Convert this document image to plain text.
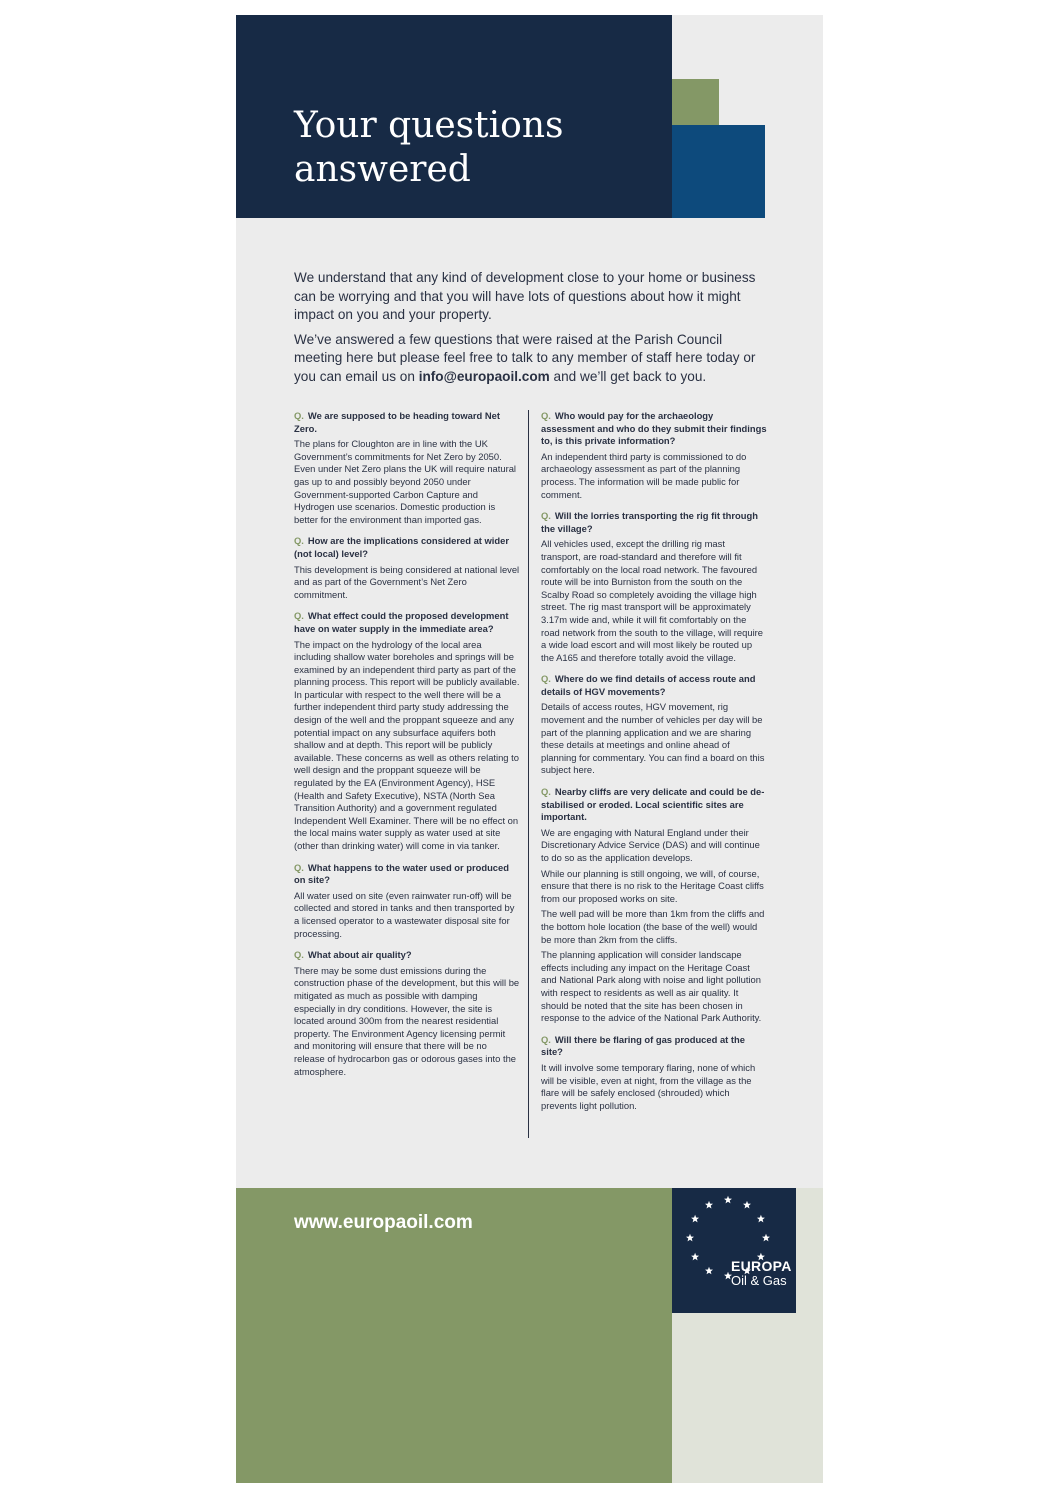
Your questions
answered

We understand that any kind of development close to your home or business can be worrying and that you will have lots of questions about how it might impact on you and your property.

We’ve answered a few questions that were raised at the Parish Council meeting here but please feel free to talk to any member of staff here today or you can email us on info@europaoil.com and we’ll get back to you.

Q. We are supposed to be heading toward Net Zero.

The plans for Cloughton are in line with the UK Government’s commitments for Net Zero by 2050. Even under Net Zero plans the UK will require natural gas up to and possibly beyond 2050 under Government-supported Carbon Capture and Hydrogen use scenarios. Domestic production is better for the environment than imported gas.

Q. How are the implications considered at wider (not local) level?

This development is being considered at national level and as part of the Government’s Net Zero commitment.

Q. What effect could the proposed development have on water supply in the immediate area?

The impact on the hydrology of the local area including shallow water boreholes and springs will be examined by an independent third party as part of the planning process. This report will be publicly available. In particular with respect to the well there will be a further independent third party study addressing the design of the well and the proppant squeeze and any potential impact on any subsurface aquifers both shallow and at depth. This report will be publicly available. These concerns as well as others relating to well design and the proppant squeeze will be regulated by the EA (Environment Agency), HSE (Health and Safety Executive), NSTA (North Sea Transition Authority) and a government regulated Independent Well Examiner. There will be no effect on the local mains water supply as water used at site (other than drinking water) will come in via tanker.

Q. What happens to the water used or produced on site?

All water used on site (even rainwater run-off) will be collected and stored in tanks and then transported by a licensed operator to a wastewater disposal site for processing.

Q. What about air quality?

There may be some dust emissions during the construction phase of the development, but this will be mitigated as much as possible with damping especially in dry conditions. However, the site is located around 300m from the nearest residential property. The Environment Agency licensing permit and monitoring will ensure that there will be no release of hydrocarbon gas or odorous gases into the atmosphere.

Q. Who would pay for the archaeology assessment and who do they submit their findings to, is this private information?

An independent third party is commissioned to do archaeology assessment as part of the planning process. The information will be made public for comment.

Q. Will the lorries transporting the rig fit through the village?

All vehicles used, except the drilling rig mast transport, are road-standard and therefore will fit comfortably on the local road network. The favoured route will be into Burniston from the south on the Scalby Road so completely avoiding the village high street. The rig mast transport will be approximately 3.17m wide and, while it will fit comfortably on the road network from the south to the village, will require a wide load escort and will most likely be routed up the A165 and therefore totally avoid the village.

Q. Where do we find details of access route and details of HGV movements?

Details of access routes, HGV movement, rig movement and the number of vehicles per day will be part of the planning application and we are sharing these details at meetings and online ahead of planning for commentary. You can find a board on this subject here.

Q. Nearby cliffs are very delicate and could be de-stabilised or eroded. Local scientific sites are important.

We are engaging with Natural England under their Discretionary Advice Service (DAS) and will continue to do so as the application develops.

While our planning is still ongoing, we will, of course, ensure that there is no risk to the Heritage Coast cliffs from our proposed works on site.

The well pad will be more than 1km from the cliffs and the bottom hole location (the base of the well) would be more than 2km from the cliffs.

The planning application will consider landscape effects including any impact on the Heritage Coast and National Park along with noise and light pollution with respect to residents as well as air quality. It should be noted that the site has been chosen in response to the advice of the National Park Authority.

Q. Will there be flaring of gas produced at the site?

It will involve some temporary flaring, none of which will be visible, even at night, from the village as the flare will be safely enclosed (shrouded) which prevents light pollution.

www.europaoil.com
EUROPA
Oil & Gas
